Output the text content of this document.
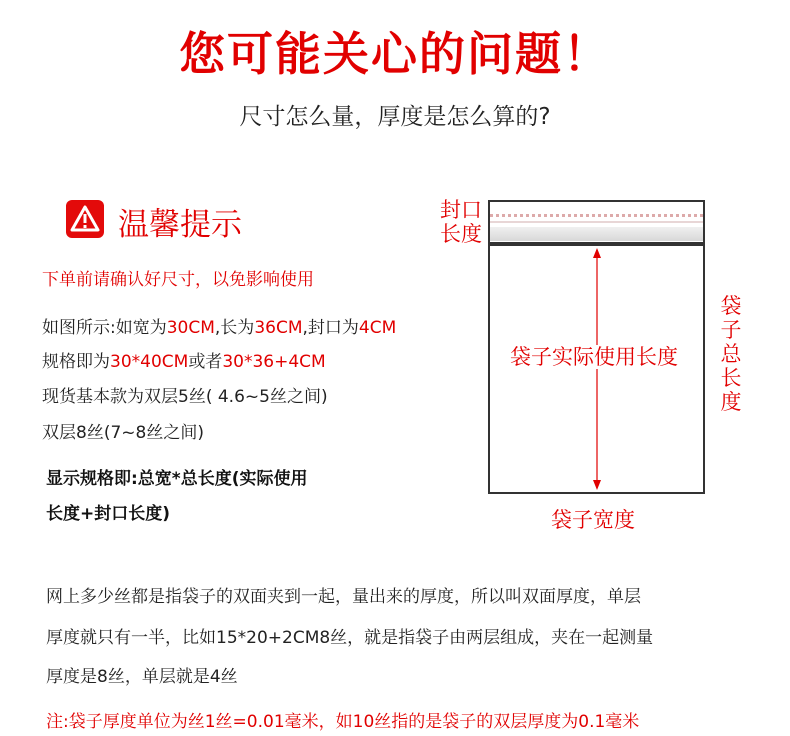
您可能关心的问题！
尺寸怎么量，厚度是怎么算的?
温馨提示
下单前请确认好尺寸，以免影响使用
如图所示:如宽为30CM,长为36CM,封口为4CM
规格即为30*40CM或者30*36+4CM
现货基本款为双层5丝( 4.6~5丝之间)
双层8丝(7~8丝之间)
显示规格即:总宽*总长度(实际使用
长度+封口长度)
封口
长度
袋子实际使用长度
袋
子
总
长
度
袋子宽度
网上多少丝都是指袋子的双面夹到一起，量出来的厚度，所以叫双面厚度，单层
厚度就只有一半，比如15*20+2CM8丝，就是指袋子由两层组成，夹在一起测量
厚度是8丝，单层就是4丝
注:袋子厚度单位为丝1丝=0.01毫米，如10丝指的是袋子的双层厚度为0.1毫米
